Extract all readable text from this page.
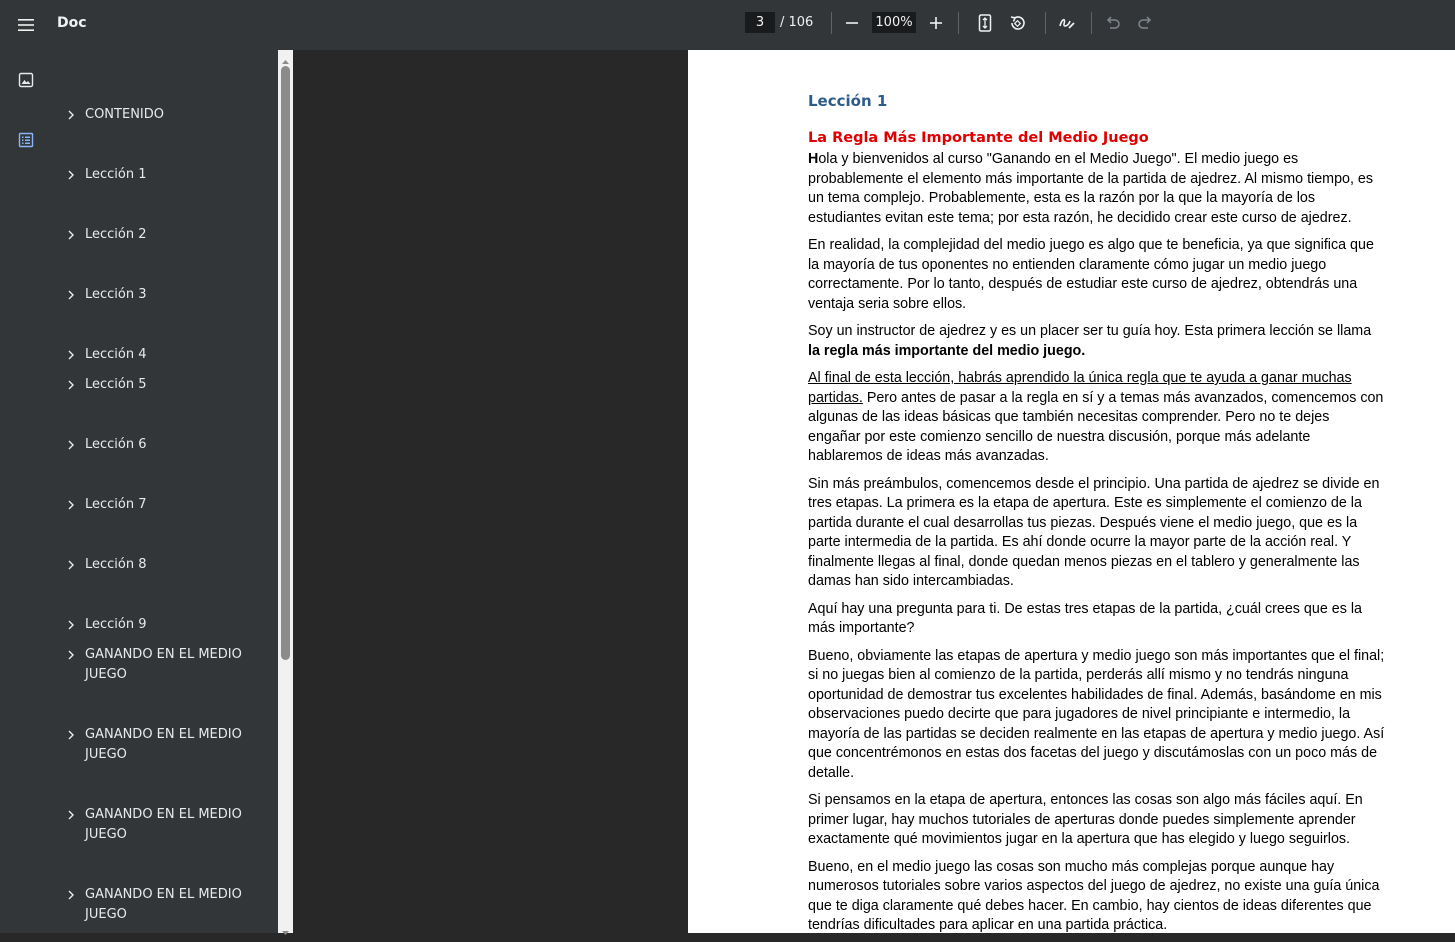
Doc	3	/ 106	100%
CONTENIDO
Lección 1
Lección 2
Lección 3
Lección 4
Lección 5
Lección 6
Lección 7
Lección 8
Lección 9
GANANDO EN EL MEDIO JUEGO
GANANDO EN EL MEDIO JUEGO
GANANDO EN EL MEDIO JUEGO
GANANDO EN EL MEDIO JUEGO
Lección 1
La Regla Más Importante del Medio Juego

Hola y bienvenidos al curso "Ganando en el Medio Juego". El medio juego es probablemente el elemento más importante de la partida de ajedrez. Al mismo tiempo, es un tema complejo. Probablemente, esta es la razón por la que la mayoría de los estudiantes evitan este tema; por esta razón, he decidido crear este curso de ajedrez.

En realidad, la complejidad del medio juego es algo que te beneficia, ya que significa que la mayoría de tus oponentes no entienden claramente cómo jugar un medio juego correctamente. Por lo tanto, después de estudiar este curso de ajedrez, obtendrás una ventaja seria sobre ellos.

Soy un instructor de ajedrez y es un placer ser tu guía hoy. Esta primera lección se llama la regla más importante del medio juego.

Al final de esta lección, habrás aprendido la única regla que te ayuda a ganar muchas partidas. Pero antes de pasar a la regla en sí y a temas más avanzados, comencemos con algunas de las ideas básicas que también necesitas comprender. Pero no te dejes engañar por este comienzo sencillo de nuestra discusión, porque más adelante hablaremos de ideas más avanzadas.

Sin más preámbulos, comencemos desde el principio. Una partida de ajedrez se divide en tres etapas. La primera es la etapa de apertura. Este es simplemente el comienzo de la partida durante el cual desarrollas tus piezas. Después viene el medio juego, que es la parte intermedia de la partida. Es ahí donde ocurre la mayor parte de la acción real. Y finalmente llegas al final, donde quedan menos piezas en el tablero y generalmente las damas han sido intercambiadas.

Aquí hay una pregunta para ti. De estas tres etapas de la partida, ¿cuál crees que es la más importante?

Bueno, obviamente las etapas de apertura y medio juego son más importantes que el final; si no juegas bien al comienzo de la partida, perderás allí mismo y no tendrás ninguna oportunidad de demostrar tus excelentes habilidades de final. Además, basándome en mis observaciones puedo decirte que para jugadores de nivel principiante e intermedio, la mayoría de las partidas se deciden realmente en las etapas de apertura y medio juego. Así que concentrémonos en estas dos facetas del juego y discutámoslas con un poco más de detalle.

Si pensamos en la etapa de apertura, entonces las cosas son algo más fáciles aquí. En primer lugar, hay muchos tutoriales de aperturas donde puedes simplemente aprender exactamente qué movimientos jugar en la apertura que has elegido y luego seguirlos.

Bueno, en el medio juego las cosas son mucho más complejas porque aunque hay numerosos tutoriales sobre varios aspectos del juego de ajedrez, no existe una guía única que te diga claramente qué debes hacer. En cambio, hay cientos de ideas diferentes que tendrías dificultades para aplicar en una partida práctica.
